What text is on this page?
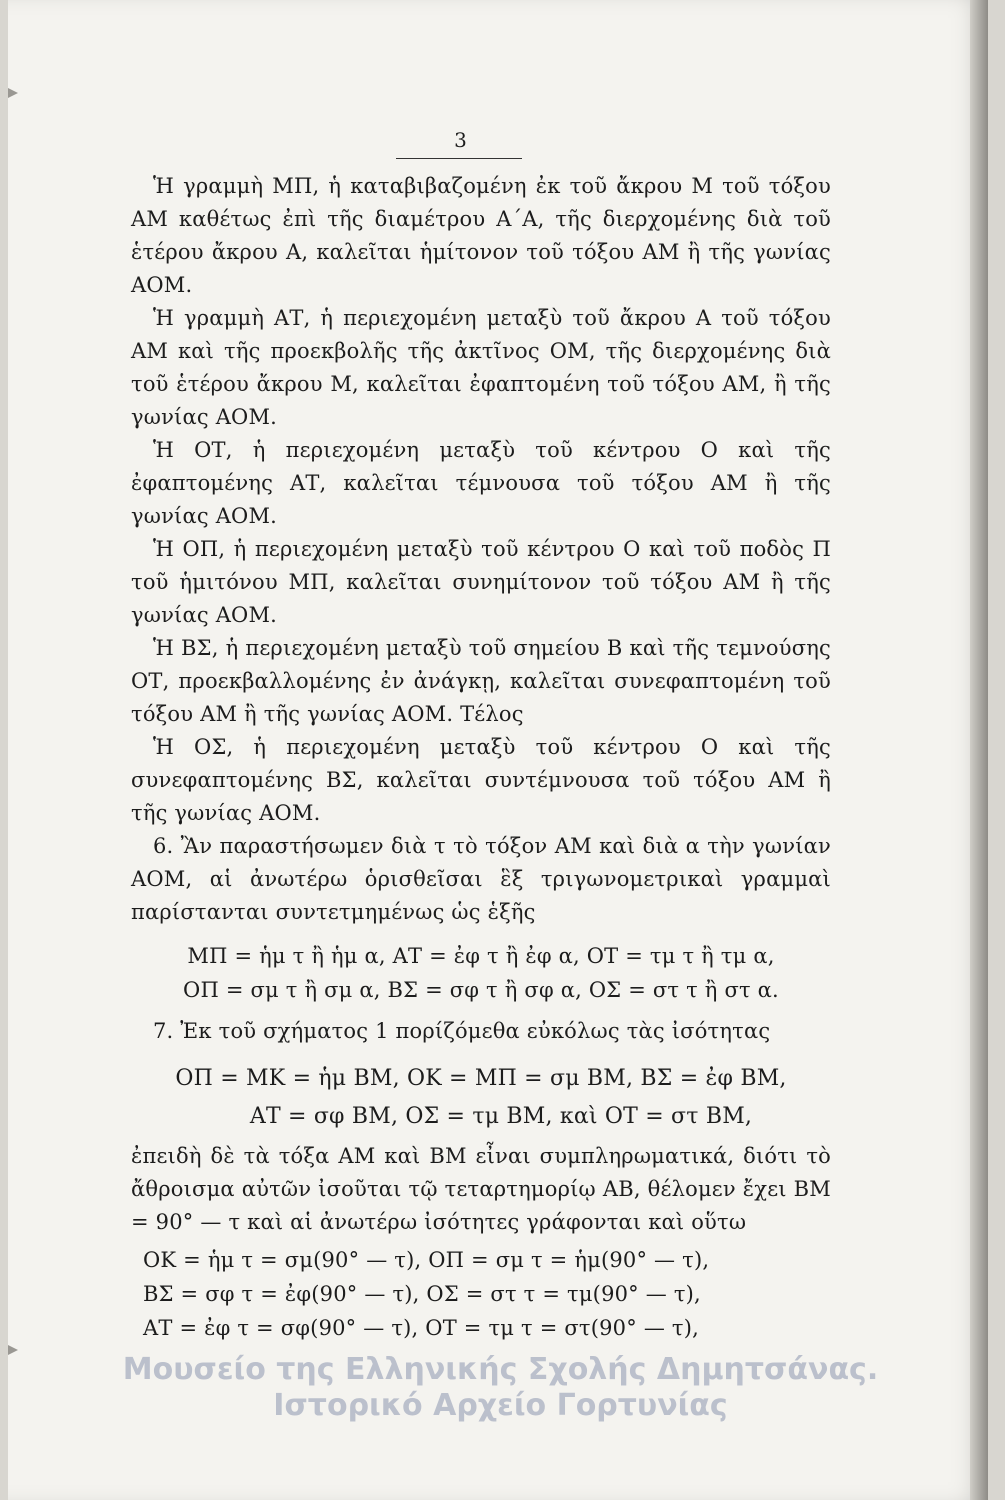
3

Ἡ γραμμὴ ΜΠ, ἡ καταβιβαζομένη ἐκ τοῦ ἄκρου Μ τοῦ τόξου ΑΜ καθέτως ἐπὶ τῆς διαμέτρου Α΄Α, τῆς διερχομένης διὰ τοῦ ἑτέρου ἄκρου Α, καλεῖται ἡμίτονον τοῦ τόξου ΑΜ ἢ τῆς γωνίας ΑΟΜ.

Ἡ γραμμὴ ΑΤ, ἡ περιεχομένη μεταξὺ τοῦ ἄκρου Α τοῦ τόξου ΑΜ καὶ τῆς προεκβολῆς τῆς ἀκτῖνος ΟΜ, τῆς διερχομένης διὰ τοῦ ἑτέρου ἄκρου Μ, καλεῖται ἐφαπτομένη τοῦ τόξου ΑΜ, ἢ τῆς γωνίας ΑΟΜ.

Ἡ ΟΤ, ἡ περιεχομένη μεταξὺ τοῦ κέντρου Ο καὶ τῆς ἐφαπτομένης ΑΤ, καλεῖται τέμνουσα τοῦ τόξου ΑΜ ἢ τῆς γωνίας ΑΟΜ.

Ἡ ΟΠ, ἡ περιεχομένη μεταξὺ τοῦ κέντρου Ο καὶ τοῦ ποδὸς Π τοῦ ἡμιτόνου ΜΠ, καλεῖται συνημίτονον τοῦ τόξου ΑΜ ἢ τῆς γωνίας ΑΟΜ.

Ἡ ΒΣ, ἡ περιεχομένη μεταξὺ τοῦ σημείου Β καὶ τῆς τεμνούσης ΟΤ, προεκβαλλομένης ἐν ἀνάγκῃ, καλεῖται συνεφαπτομένη τοῦ τόξου ΑΜ ἢ τῆς γωνίας ΑΟΜ. Τέλος

Ἡ ΟΣ, ἡ περιεχομένη μεταξὺ τοῦ κέντρου Ο καὶ τῆς συνεφαπτομένης ΒΣ, καλεῖται συντέμνουσα τοῦ τόξου ΑΜ ἢ τῆς γωνίας ΑΟΜ.

6. Ἂν παραστήσωμεν διὰ τ τὸ τόξον ΑΜ καὶ διὰ α τὴν γωνίαν ΑΟΜ, αἱ ἀνωτέρω ὁρισθεῖσαι ἓξ τριγωνομετρικαὶ γραμμαὶ παρίστανται συντετμημένως ὡς ἑξῆς

ΜΠ = ἡμ τ ἢ ἡμ α, ΑΤ = ἐφ τ ἢ ἐφ α, ΟΤ = τμ τ ἢ τμ α,
ΟΠ = σμ τ ἢ σμ α, ΒΣ = σφ τ ἢ σφ α, ΟΣ = στ τ ἢ στ α.

7. Ἐκ τοῦ σχήματος 1 πορίζόμεθα εὐκόλως τὰς ἰσότητας

ΟΠ = ΜΚ = ἡμ ΒΜ, ΟΚ = ΜΠ = σμ ΒΜ, ΒΣ = ἐφ ΒΜ,
ΑΤ = σφ ΒΜ, ΟΣ = τμ ΒΜ, καὶ ΟΤ = στ ΒΜ,

ἐπειδὴ δὲ τὰ τόξα ΑΜ καὶ ΒΜ εἶναι συμπληρωματικά, διότι τὸ ἄθροισμα αὐτῶν ἰσοῦται τῷ τεταρτημορίῳ ΑΒ, θέλομεν ἔχει ΒΜ = 90° — τ καὶ αἱ ἀνωτέρω ἰσότητες γράφονται καὶ οὕτω

ΟΚ = ἡμ τ = σμ(90° — τ), ΟΠ = σμ τ = ἡμ(90° — τ),
ΒΣ = σφ τ = ἐφ(90° — τ), ΟΣ = στ τ = τμ(90° — τ),
ΑΤ = ἐφ τ = σφ(90° — τ), ΟΤ = τμ τ = στ(90° — τ),
Μουσείο της Ελληνικής Σχολής Δημητσάνας.
Ιστορικό Αρχείο Γορτυνίας
